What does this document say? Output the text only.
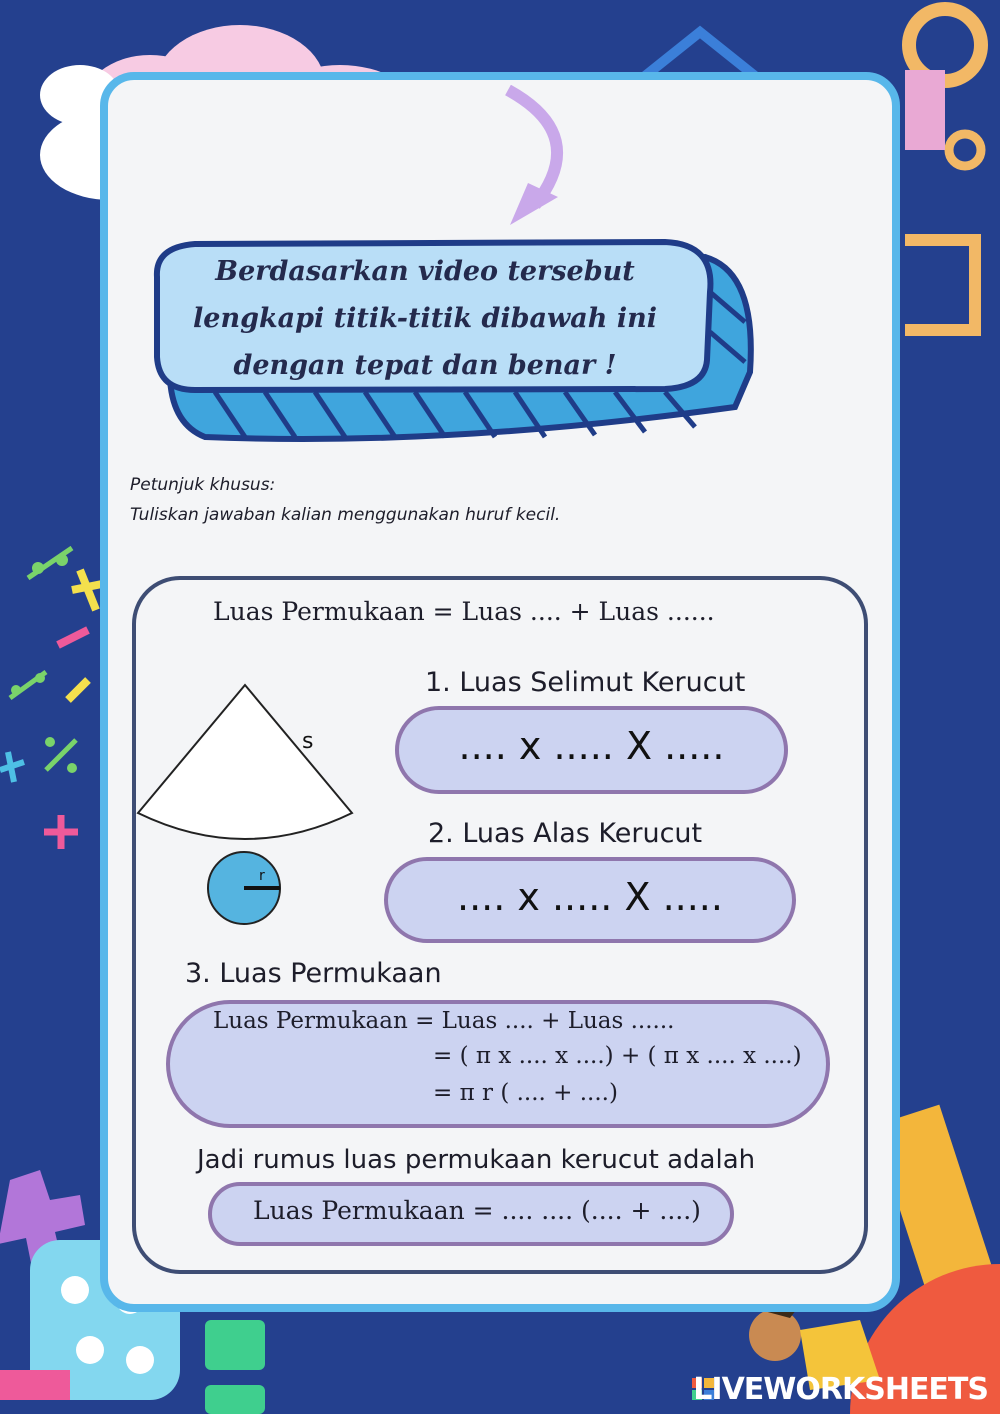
Berdasarkan video tersebut
lengkapi titik-titik dibawah ini
dengan tepat dan benar !
Petunjuk khusus:
Tuliskan jawaban kalian menggunakan huruf kecil.
Luas Permukaan = Luas .... + Luas ......
s
r
1. Luas Selimut Kerucut
.... x ..... X .....
2. Luas Alas Kerucut
.... x ..... X .....
3. Luas Permukaan
Luas Permukaan = Luas .... + Luas ......
= ( π x .... x ....) + ( π x .... x ....)
= π r ( .... + ....)
Jadi rumus luas permukaan kerucut adalah
Luas Permukaan = .... .... (.... + ....)
LIVEWORKSHEETS
